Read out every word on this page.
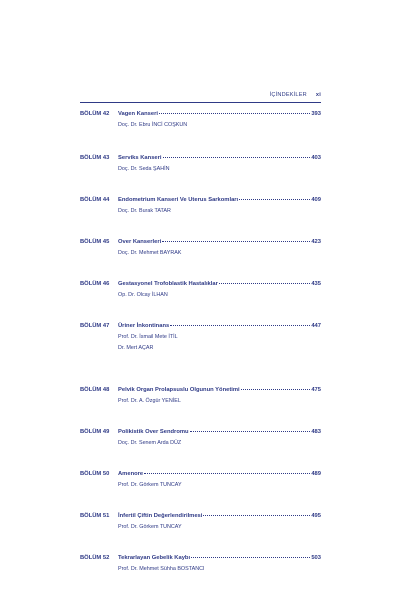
İÇİNDEKİLER xi
BÖLÜM 42	Vagen Kanseri	393
Doç. Dr. Ebru İNCİ COŞKUN
BÖLÜM 43	Serviks Kanseri	403
Doç. Dr. Seda ŞAHİN
BÖLÜM 44	Endometrium Kanseri Ve Uterus Sarkomları	409
Doç. Dr. Burak TATAR
BÖLÜM 45	Over Kanserleri	423
Doç. Dr. Mehmet BAYRAK
BÖLÜM 46	Gestasyonel Trofoblastik Hastalıklar	435
Op. Dr. Olcay İLHAN
BÖLÜM 47	Üriner İnkontinans	447
Prof. Dr. İsmail Mete İTİL
Dr. Mert AÇAR
BÖLÜM 48	Pelvik Organ Prolapsuslu Olgunun Yönetimi	475
Prof. Dr. A. Özgür YENİEL
BÖLÜM 49	Polikistik Over Sendromu	483
Doç. Dr. Senem Arda DÜZ
BÖLÜM 50	Amenore	489
Prof. Dr. Görkem TUNCAY
BÖLÜM 51	İnfertil Çiftin Değerlendirilmesi	495
Prof. Dr. Görkem TUNCAY
BÖLÜM 52	Tekrarlayan Gebelik Kaybı	503
Prof. Dr. Mehmet Sühha BOSTANCI
